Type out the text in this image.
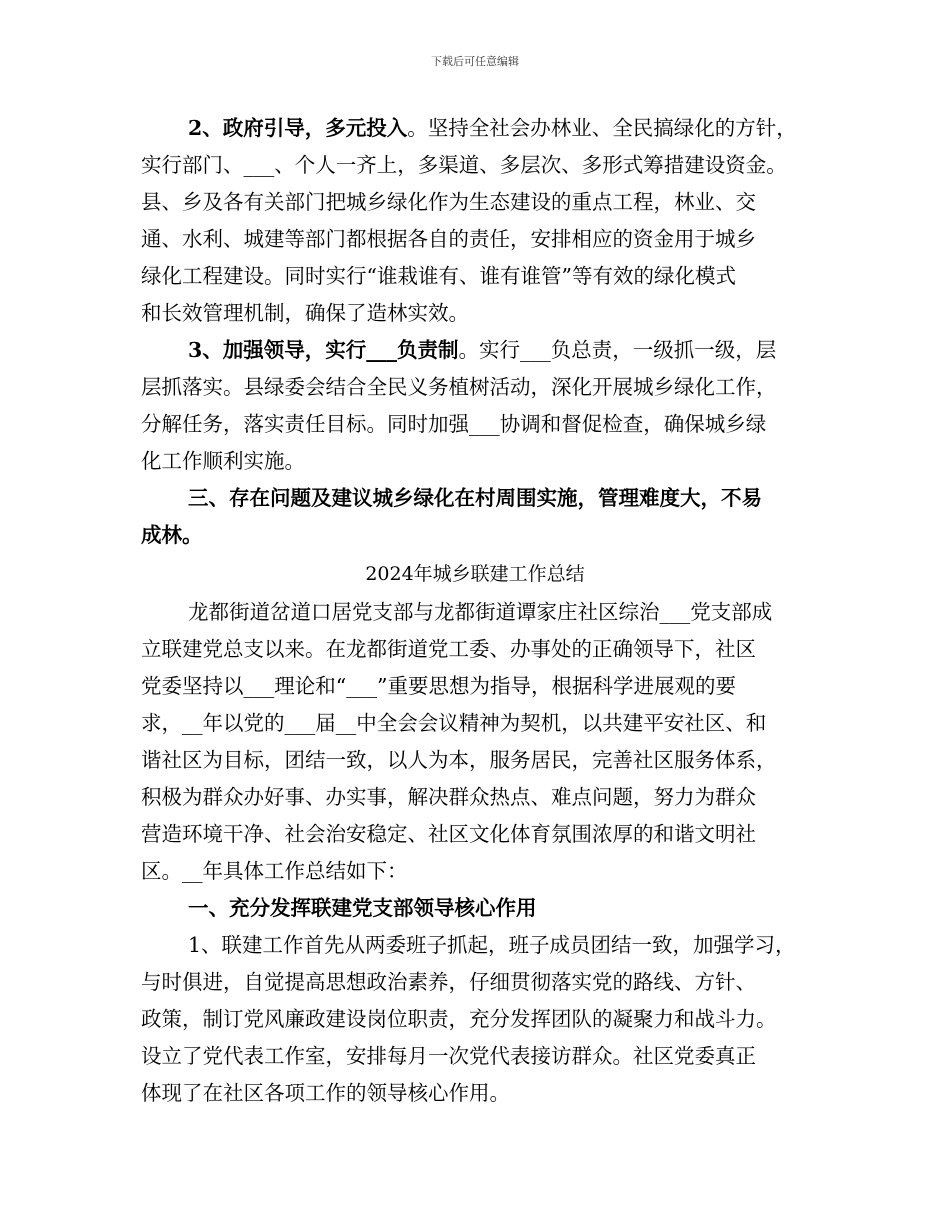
下载后可任意编辑

2、政府引导，多元投入。坚持全社会办林业、全民搞绿化的方针，

实行部门、___、个人一齐上，多渠道、多层次、多形式筹措建设资金。

县、乡及各有关部门把城乡绿化作为生态建设的重点工程，林业、交

通、水利、城建等部门都根据各自的责任，安排相应的资金用于城乡

绿化工程建设。同时实行“谁栽谁有、谁有谁管”等有效的绿化模式

和长效管理机制，确保了造林实效。

3、加强领导，实行___负责制。实行___负总责，一级抓一级，层

层抓落实。县绿委会结合全民义务植树活动，深化开展城乡绿化工作，

分解任务，落实责任目标。同时加强___协调和督促检查，确保城乡绿

化工作顺利实施。

三、存在问题及建议城乡绿化在村周围实施，管理难度大，不易

成林。

2024年城乡联建工作总结

龙都街道岔道口居党支部与龙都街道谭家庄社区综治___党支部成

立联建党总支以来。在龙都街道党工委、办事处的正确领导下，社区

党委坚持以___理论和“___”重要思想为指导，根据科学进展观的要

求，__年以党的___届__中全会会议精神为契机，以共建平安社区、和

谐社区为目标，团结一致，以人为本，服务居民，完善社区服务体系，

积极为群众办好事、办实事，解决群众热点、难点问题，努力为群众

营造环境干净、社会治安稳定、社区文化体育氛围浓厚的和谐文明社

区。__年具体工作总结如下：

一、充分发挥联建党支部领导核心作用

1、联建工作首先从两委班子抓起，班子成员团结一致，加强学习，

与时俱进，自觉提高思想政治素养，仔细贯彻落实党的路线、方针、

政策，制订党风廉政建设岗位职责，充分发挥团队的凝聚力和战斗力。

设立了党代表工作室，安排每月一次党代表接访群众。社区党委真正

体现了在社区各项工作的领导核心作用。
